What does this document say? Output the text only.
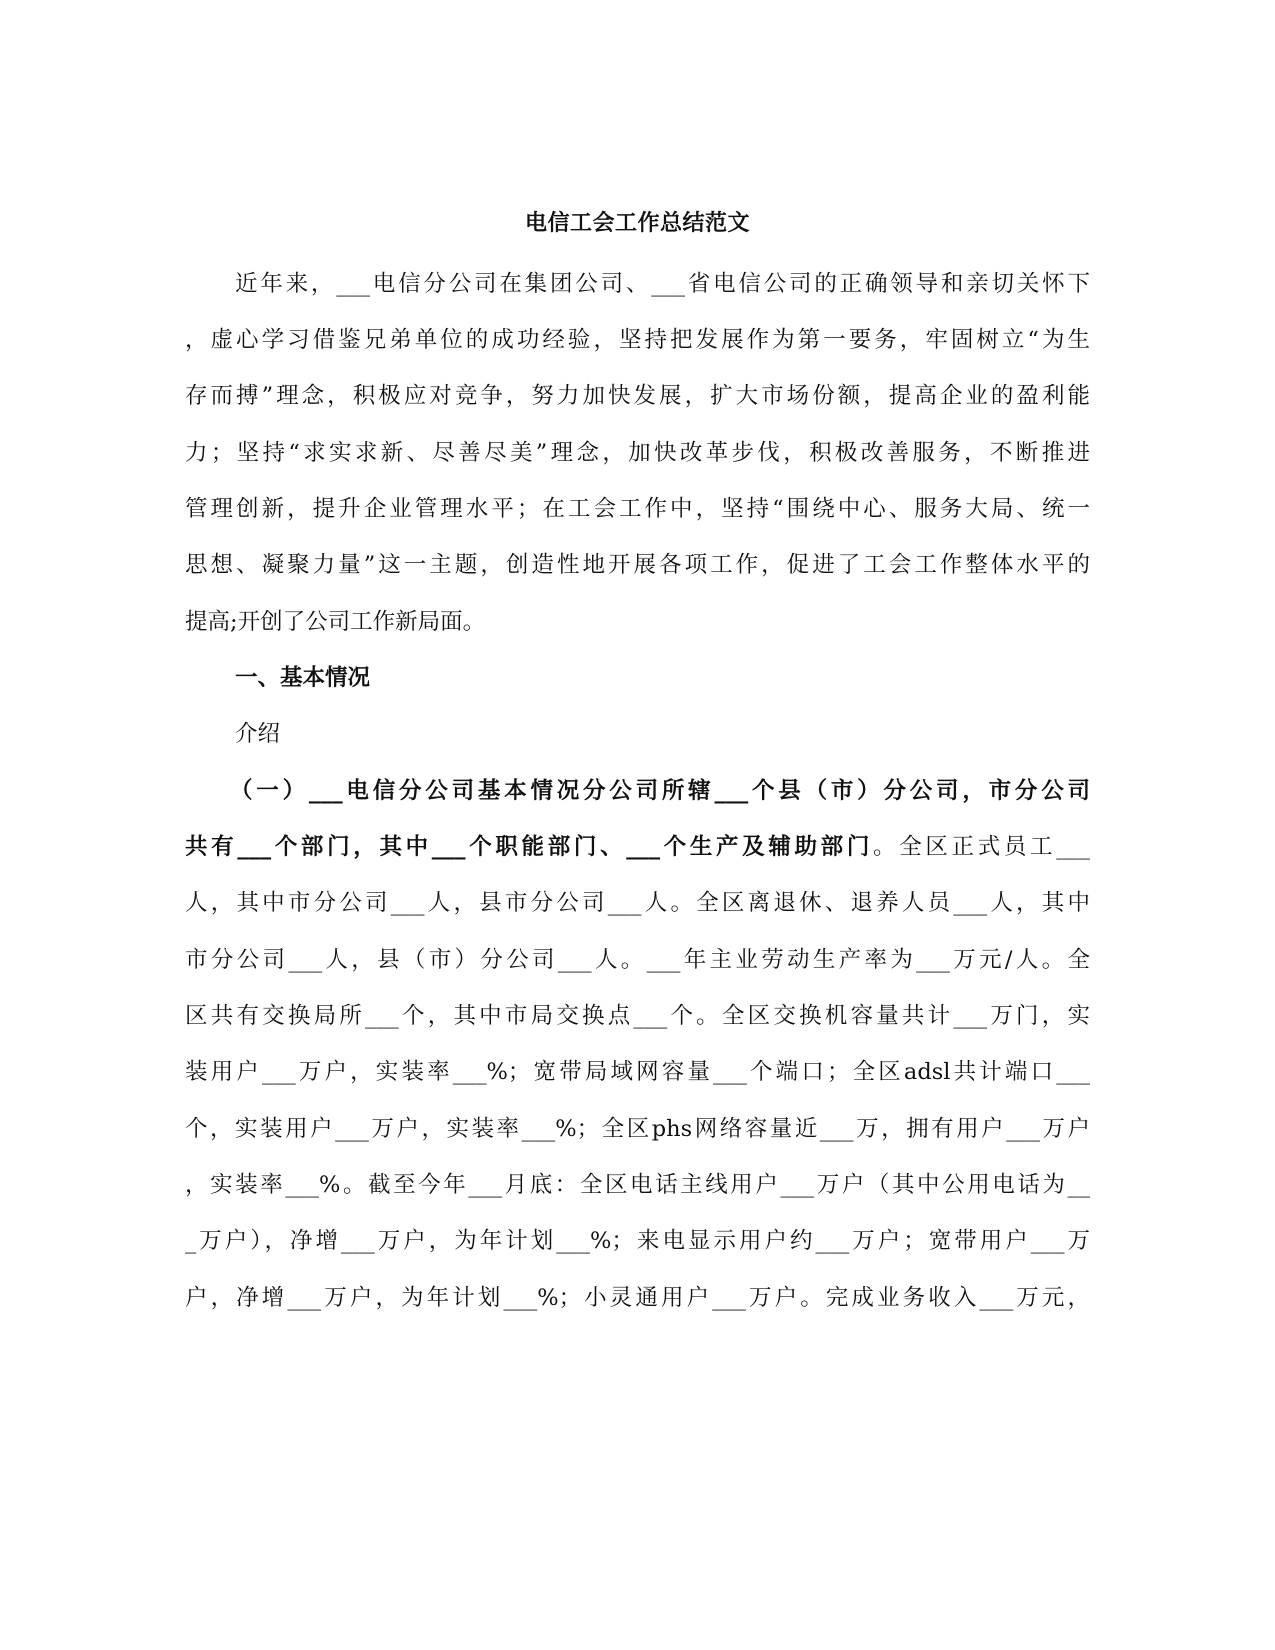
电信工会工作总结范文
近年来，___电信分公司在集团公司、___省电信公司的正确领导和亲切关怀下
，虚心学习借鉴兄弟单位的成功经验，坚持把发展作为第一要务，牢固树立“为生
存而搏”理念，积极应对竞争，努力加快发展，扩大市场份额，提高企业的盈利能
力；坚持“求实求新、尽善尽美”理念，加快改革步伐，积极改善服务，不断推进
管理创新，提升企业管理水平；在工会工作中，坚持“围绕中心、服务大局、统一
思想、凝聚力量”这一主题，创造性地开展各项工作，促进了工会工作整体水平的
提高;开创了公司工作新局面。
一、基本情况
介绍
（一）___电信分公司基本情况分公司所辖___个县（市）分公司，市分公司
共有___个部门，其中___个职能部门、___个生产及辅助部门。全区正式员工___
人，其中市分公司___人，县市分公司___人。全区离退休、退养人员___人，其中
市分公司___人，县（市）分公司___人。___年主业劳动生产率为___万元/人。全
区共有交换局所___个，其中市局交换点___个。全区交换机容量共计___万门，实
装用户___万户，实装率___%；宽带局域网容量___个端口；全区adsl共计端口___
个，实装用户___万户，实装率___%；全区phs网络容量近___万，拥有用户___万户
，实装率___%。截至今年___月底：全区电话主线用户___万户（其中公用电话为__
_万户），净增___万户，为年计划___%；来电显示用户约___万户；宽带用户___万
户，净增___万户，为年计划___%；小灵通用户___万户。完成业务收入___万元，
